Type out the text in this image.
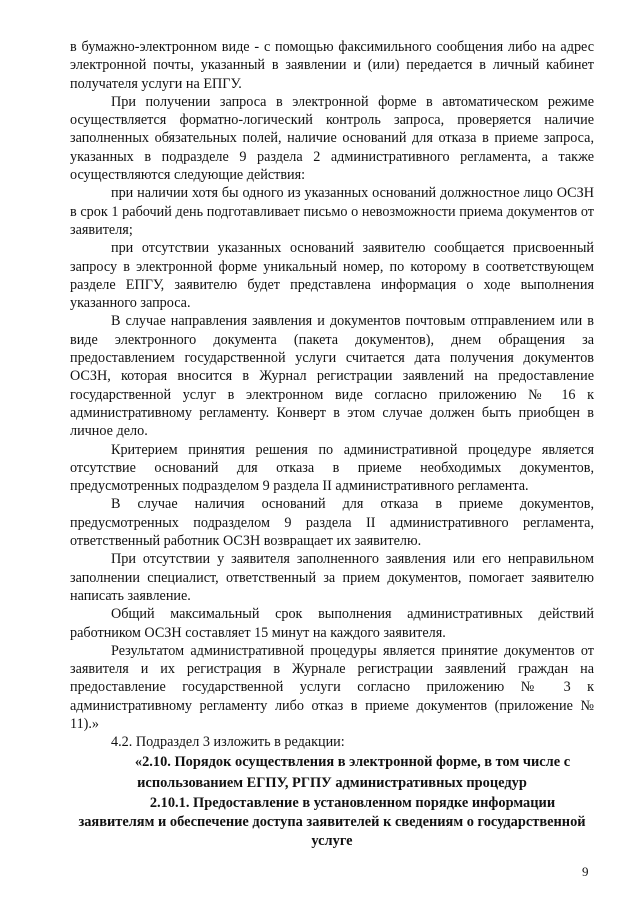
в бумажно-электронном виде - с помощью факсимильного сообщения либо на адрес электронной почты, указанный в заявлении и (или) передается в личный кабинет получателя услуги на ЕПГУ.

При получении запроса в электронной форме в автоматическом режиме осуществляется форматно-логический контроль запроса, проверяется наличие заполненных обязательных полей, наличие оснований для отказа в приеме запроса, указанных в подразделе 9 раздела 2 административного регламента, а также осуществляются следующие действия:

при наличии хотя бы одного из указанных оснований должностное лицо ОСЗН в срок 1 рабочий день подготавливает письмо о невозможности приема документов от заявителя;

при отсутствии указанных оснований заявителю сообщается присвоенный запросу в электронной форме уникальный номер, по которому в соответствующем разделе ЕПГУ, заявителю будет представлена информация о ходе выполнения указанного запроса.

В случае направления заявления и документов почтовым отправлением или в виде электронного документа (пакета документов), днем обращения за предоставлением государственной услуги считается дата получения документов ОСЗН, которая вносится в Журнал регистрации заявлений на предоставление государственной услуг в электронном виде согласно приложению № 16 к административному регламенту. Конверт в этом случае должен быть приобщен в личное дело.

Критерием принятия решения по административной процедуре является отсутствие оснований для отказа в приеме необходимых документов, предусмотренных подразделом 9 раздела II административного регламента.

В случае наличия оснований для отказа в приеме документов, предусмотренных подразделом 9 раздела II административного регламента, ответственный работник ОСЗН возвращает их заявителю.

При отсутствии у заявителя заполненного заявления или его неправильном заполнении специалист, ответственный за прием документов, помогает заявителю написать заявление.

Общий максимальный срок выполнения административных действий работником ОСЗН составляет 15 минут на каждого заявителя.

Результатом административной процедуры является принятие документов от заявителя и их регистрация в Журнале регистрации заявлений граждан на предоставление государственной услуги согласно приложению № 3 к административному регламенту либо отказ в приеме документов (приложение № 11).»

4.2. Подраздел 3 изложить в редакции:

«2.10. Порядок осуществления в электронной форме, в том числе с использованием ЕГПУ, РГПУ административных процедур

2.10.1. Предоставление в установленном порядке информации заявителям и обеспечение доступа заявителей к сведениям о государственной услуге

9
